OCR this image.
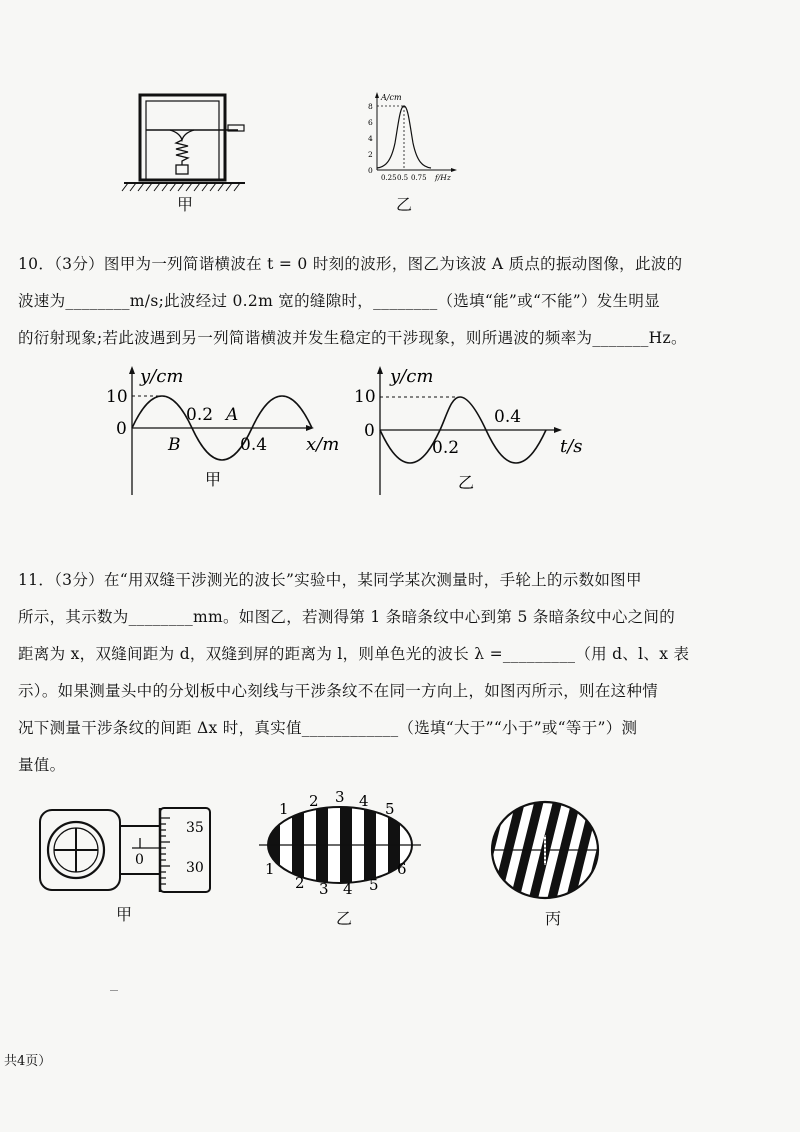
甲
A/cm
f/Hz
8
6
4
2
0
0.25 0.5 0.75
乙
10．（3分）图甲为一列简谐横波在 t = 0 时刻的波形，图乙为该波 A 质点的振动图像，此波的
波速为________m/s;此波经过 0.2m 宽的缝隙时，________（选填“能”或“不能”）发生明显
的衍射现象;若此波遇到另一列简谐横波并发生稳定的干涉现象，则所遇波的频率为_______Hz。
y/cm
x/m
10
0
0.2 A
B	0.4
甲
y/cm
t/s
10
0
0.2
0.4
乙
11．（3分）在“用双缝干涉测光的波长”实验中，某同学某次测量时，手轮上的示数如图甲
所示，其示数为________mm。如图乙，若测得第 1 条暗条纹中心到第 5 条暗条纹中心之间的
距离为 x，双缝间距为 d，双缝到屏的距离为 l，则单色光的波长 λ =_________（用 d、l、x 表
示）。如果测量头中的分划板中心刻线与干涉条纹不在同一方向上，如图丙所示，则在这种情
况下测量干涉条纹的间距 Δx 时，真实值____________（选填“大于”“小于”或“等于”）测
量值。
0
35
30
甲
1 2 3 4 5
1
2 3 4 5
6
乙	丙
共4页）
